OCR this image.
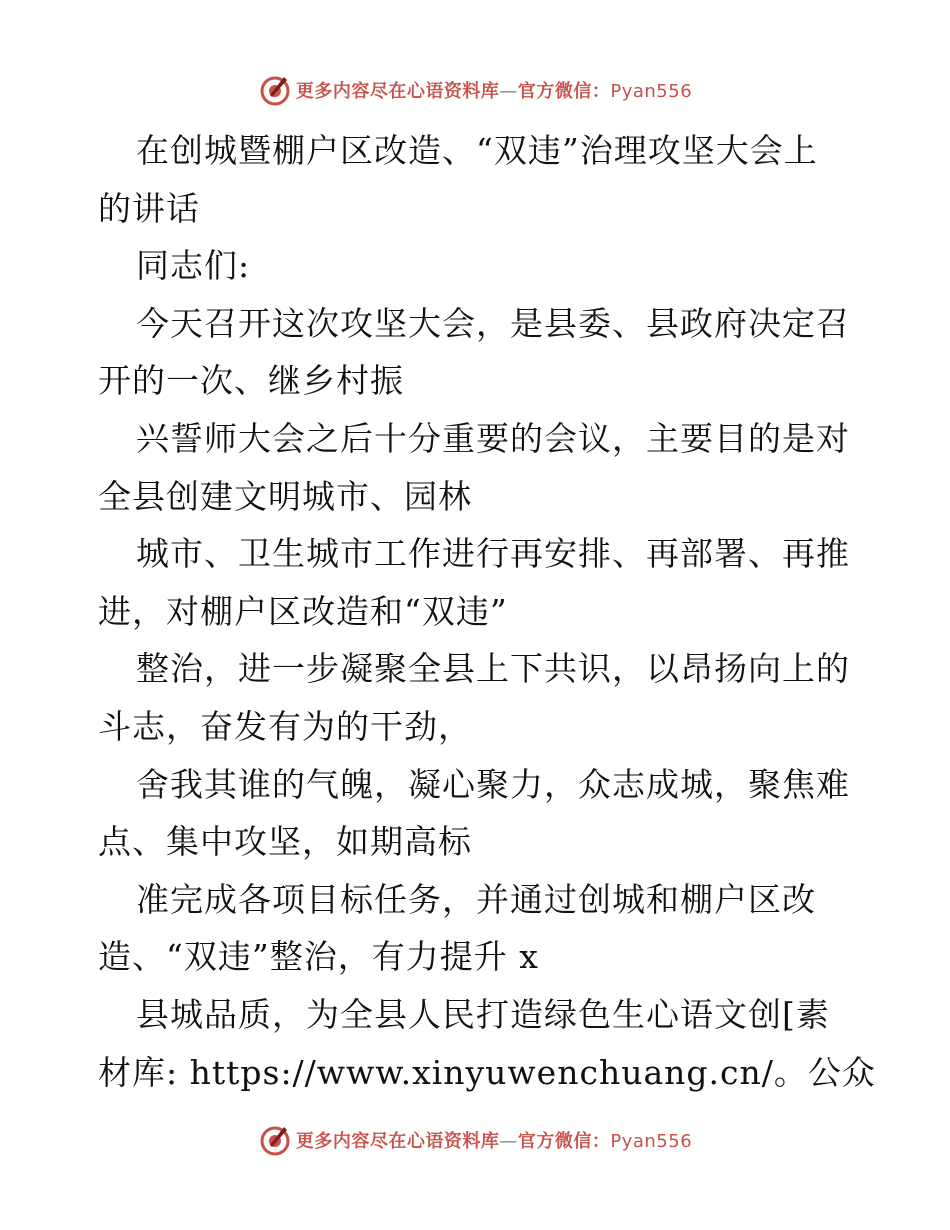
更多内容尽在心语资料库—官方微信：Pyan556

在创城暨棚户区改造、“双违”治理攻坚大会上
的讲话

同志们:

今天召开这次攻坚大会，是县委、县政府决定召
开的一次、继乡村振

兴誓师大会之后十分重要的会议，主要目的是对
全县创建文明城市、园林

城市、卫生城市工作进行再安排、再部署、再推
进，对棚户区改造和“双违”

整治，进一步凝聚全县上下共识，以昂扬向上的
斗志，奋发有为的干劲，

舍我其谁的气魄，凝心聚力，众志成城，聚焦难
点、集中攻坚，如期高标

准完成各项目标任务，并通过创城和棚户区改
造、“双违”整治，有力提升 x

县城品质，为全县人民打造绿色生心语文创[素
材库: https://www.xinyuwenchuang.cn/。公众

更多内容尽在心语资料库—官方微信：Pyan556
